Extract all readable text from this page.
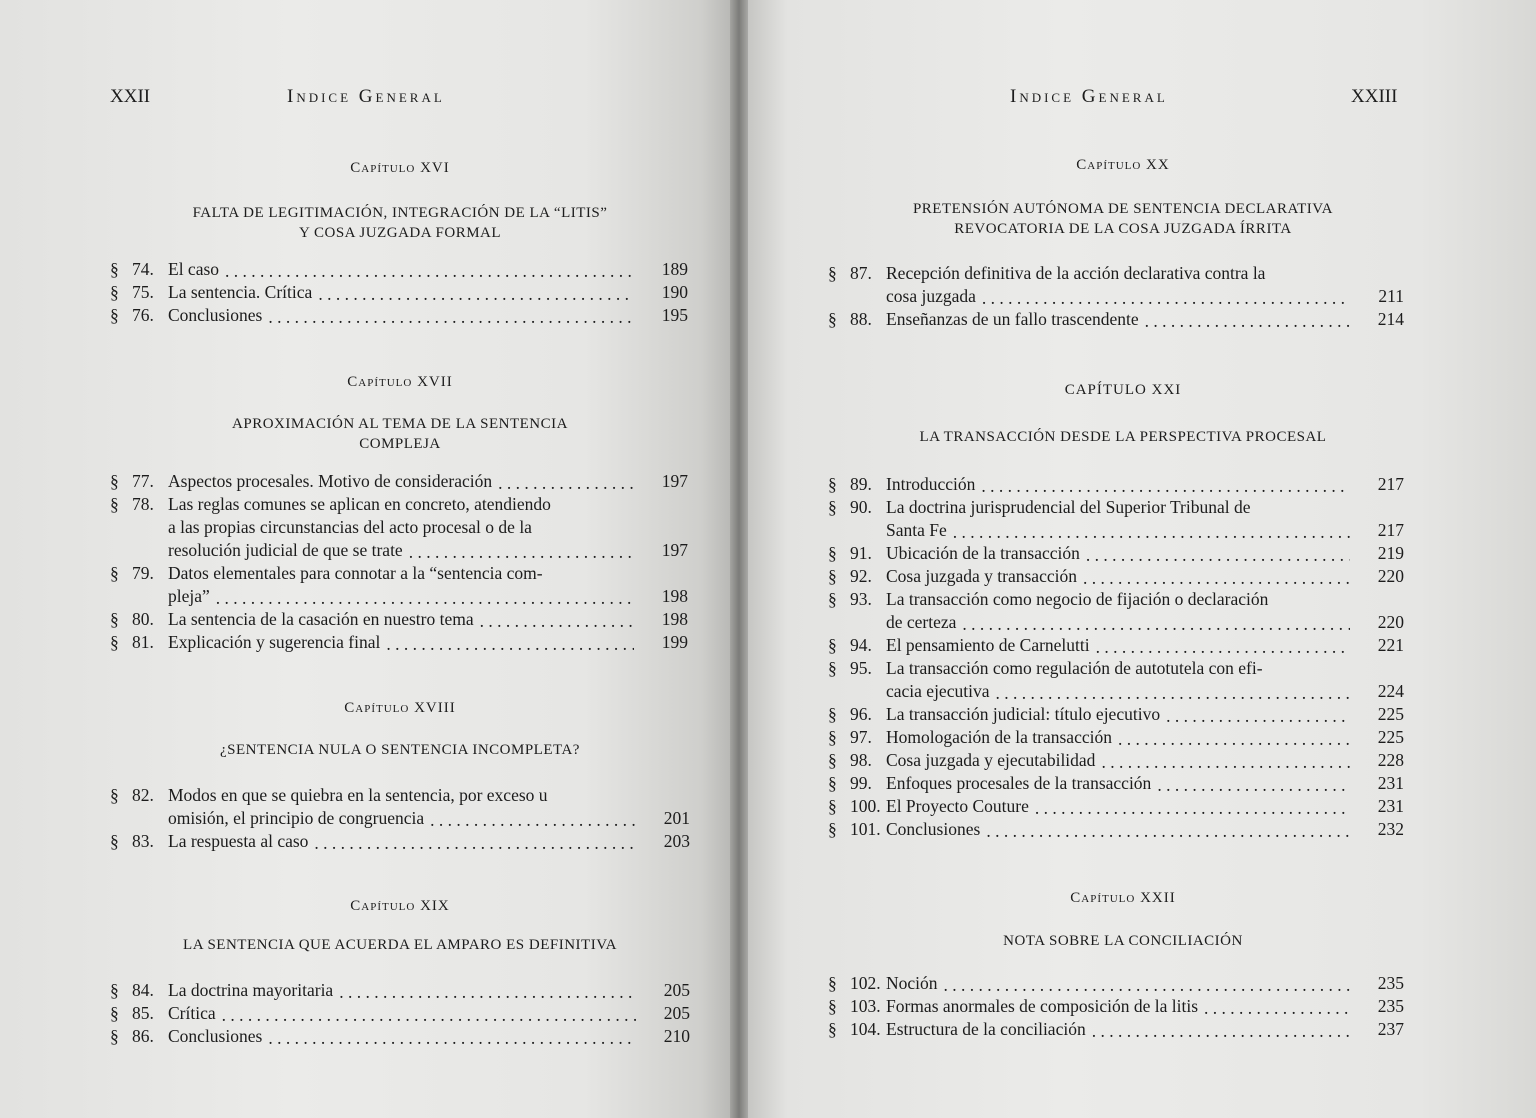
XXII	Indice General
Capítulo XVI
FALTA DE LEGITIMACIÓN, INTEGRACIÓN DE LA “LITIS”
Y COSA JUZGADA FORMAL
§ 74. El caso . . .	189
§ 75. La sentencia. Crítica . . .	190
§ 76. Conclusiones . . .	195
Capítulo XVII
APROXIMACIÓN AL TEMA DE LA SENTENCIA
COMPLEJA
§ 77. Aspectos procesales. Motivo de consideración . . .	197
§ 78. Las reglas comunes se aplican en concreto, atendiendo
a las propias circunstancias del acto procesal o de la
resolución judicial de que se trate . . .	197
§ 79. Datos elementales para connotar a la “sentencia com-
pleja” . . .	198
§ 80. La sentencia de la casación en nuestro tema . . .	198
§ 81. Explicación y sugerencia final . . .	199
Capítulo XVIII
¿SENTENCIA NULA O SENTENCIA INCOMPLETA?
§ 82. Modos en que se quiebra en la sentencia, por exceso u
omisión, el principio de congruencia . . .	201
§ 83. La respuesta al caso . . .	203
Capítulo XIX
LA SENTENCIA QUE ACUERDA EL AMPARO ES DEFINITIVA
§ 84. La doctrina mayoritaria . . .	205
§ 85. Crítica . . .	205
§ 86. Conclusiones . . .	210
Indice General	XXIII
Capítulo XX
PRETENSIÓN AUTÓNOMA DE SENTENCIA DECLARATIVA
REVOCATORIA DE LA COSA JUZGADA ÍRRITA
§ 87. Recepción definitiva de la acción declarativa contra la
cosa juzgada . . .	211
§ 88. Enseñanzas de un fallo trascendente . . .	214
CAPÍTULO XXI
LA TRANSACCIÓN DESDE LA PERSPECTIVA PROCESAL
§ 89. Introducción . . .	217
§ 90. La doctrina jurisprudencial del Superior Tribunal de
Santa Fe . . .	217
§ 91. Ubicación de la transacción . . .	219
§ 92. Cosa juzgada y transacción . . .	220
§ 93. La transacción como negocio de fijación o declaración
de certeza . . .	220
§ 94. El pensamiento de Carnelutti . . .	221
§ 95. La transacción como regulación de autotutela con efi-
cacia ejecutiva . . .	224
§ 96. La transacción judicial: título ejecutivo . . .	225
§ 97. Homologación de la transacción . . .	225
§ 98. Cosa juzgada y ejecutabilidad . . .	228
§ 99. Enfoques procesales de la transacción . . .	231
§ 100. El Proyecto Couture . . .	231
§ 101. Conclusiones . . .	232
Capítulo XXII
NOTA SOBRE LA CONCILIACIÓN
§ 102. Noción . . .	235
§ 103. Formas anormales de composición de la litis . . .	235
§ 104. Estructura de la conciliación . . .	237
